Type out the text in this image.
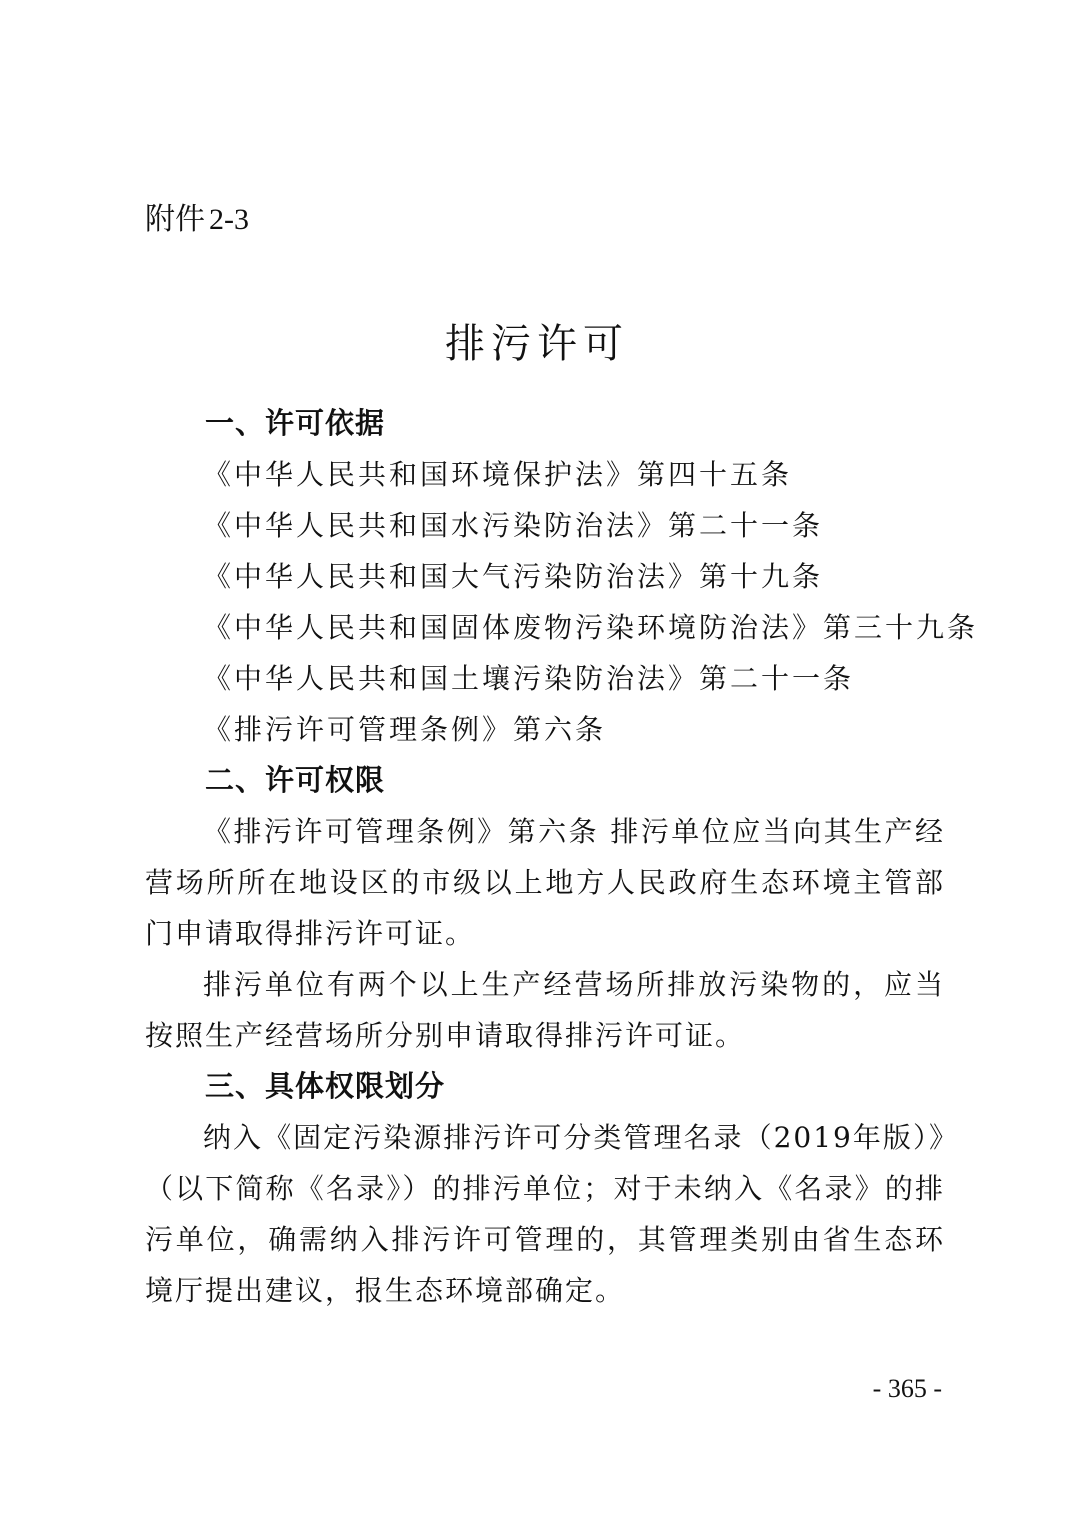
附件 2-3
排污许可
一、许可依据

《中华人民共和国环境保护法》第四十五条

《中华人民共和国水污染防治法》第二十一条

《中华人民共和国大气污染防治法》第十九条

《中华人民共和国固体废物污染环境防治法》第三十九条

《中华人民共和国土壤污染防治法》第二十一条

《排污许可管理条例》第六条

二、许可权限

《排污许可管理条例》第六条 排污单位应当向其生产经营场所所在地设区的市级以上地方人民政府生态环境主管部门申请取得排污许可证。

排污单位有两个以上生产经营场所排放污染物的，应当按照生产经营场所分别申请取得排污许可证。

三、具体权限划分

纳入《固定污染源排污许可分类管理名录（2019年版）》（以下简称《名录》）的排污单位；对于未纳入《名录》的排污单位，确需纳入排污许可管理的，其管理类别由省生态环境厅提出建议，报生态环境部确定。

- 365 -
